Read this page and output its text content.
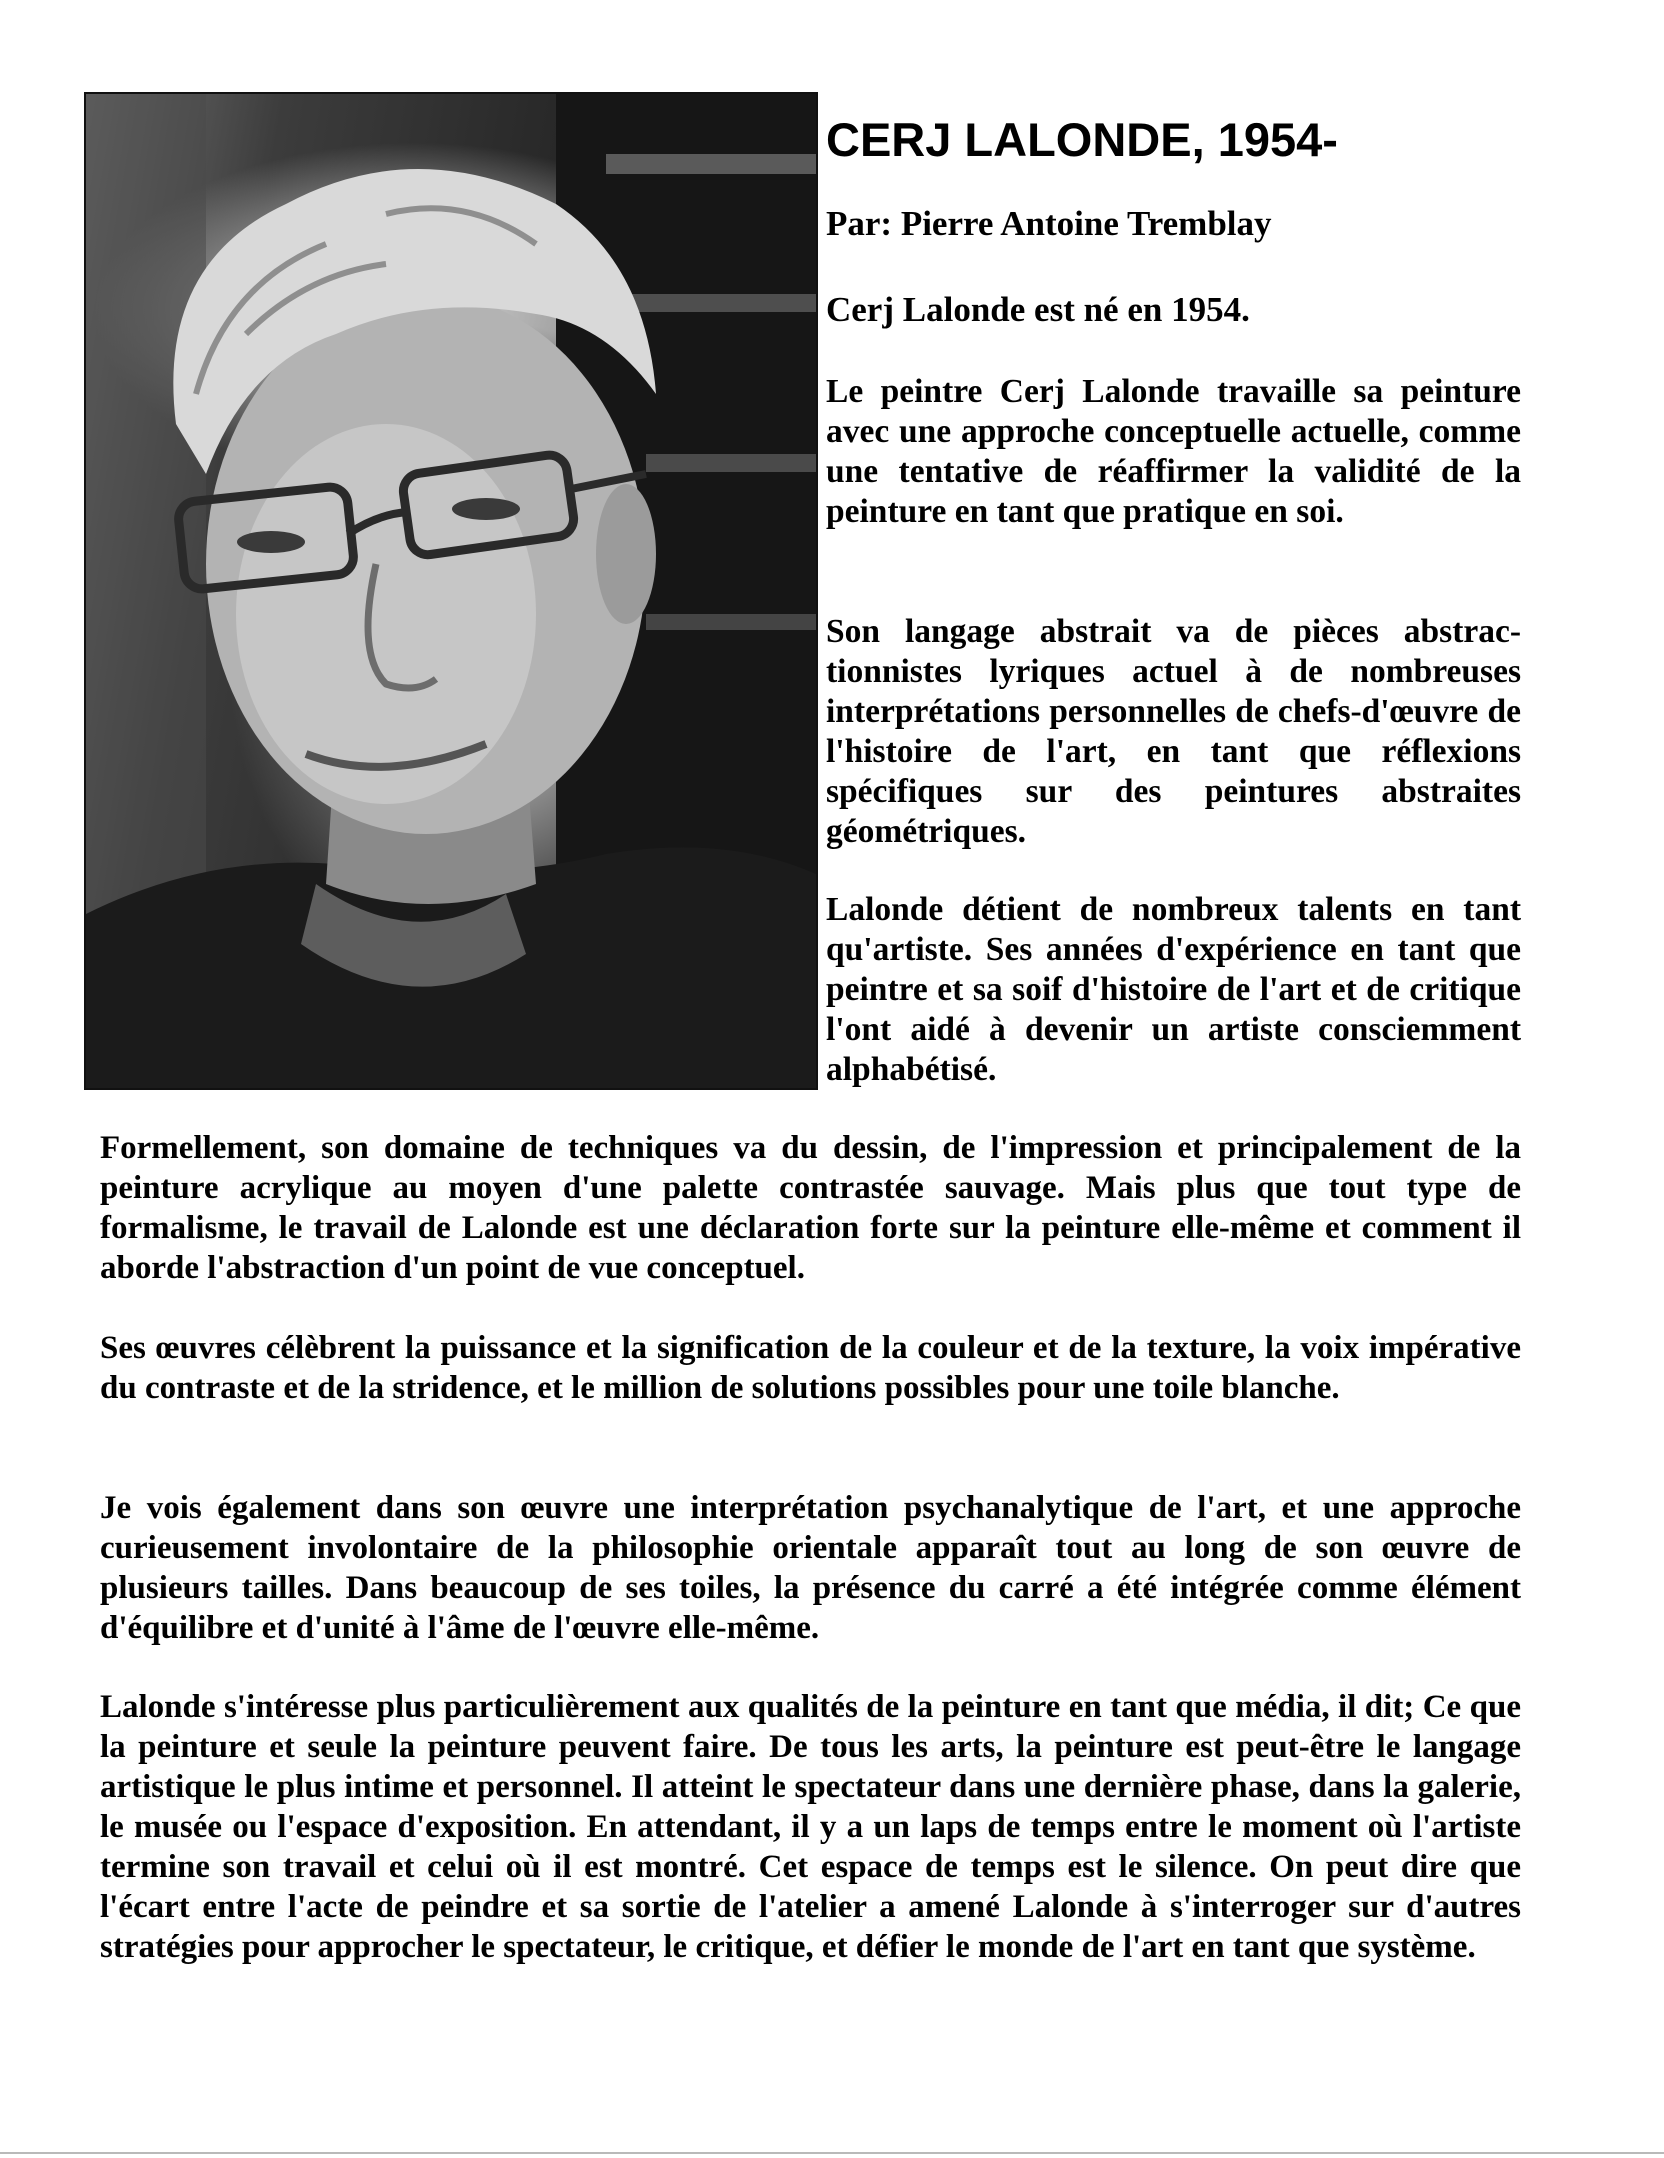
CERJ LALONDE, 1954-
Par: Pierre Antoine Tremblay
Cerj Lalonde est né en 1954.

Le peintre Cerj Lalonde travaille sa peinture avec une approche conceptuelle actuelle, comme une tentative de réaffirmer la validité de la peinture en tant que pratique en soi.

Son langage abstrait va de pièces abstractionnistes lyriques actuel à de nombreuses interprétations personnelles de chefs-d'œuvre de l'histoire de l'art, en tant que réflexions spécifiques sur des peintures abstraites géométriques.

Lalonde détient de nombreux talents en tant qu'artiste. Ses années d'expérience en tant que peintre et sa soif d'histoire de l'art et de critique l'ont aidé à devenir un artiste consciemment alphabétisé.

Formellement, son domaine de techniques va du dessin, de l'impression et principalement de la peinture acrylique au moyen d'une palette contrastée sauvage. Mais plus que tout type de formalisme, le travail de Lalonde est une déclaration forte sur la peinture elle-même et comment il aborde l'abstraction d'un point de vue conceptuel.

Ses œuvres célèbrent la puissance et la signification de la couleur et de la texture, la voix impérative du contraste et de la stridence, et le million de solutions possibles pour une toile blanche.

Je vois également dans son œuvre une interprétation psychanalytique de l'art, et une approche curieusement involontaire de la philosophie orientale apparaît tout au long de son œuvre de plusieurs tailles. Dans beaucoup de ses toiles, la présence du carré a été intégrée comme élément d'équilibre et d'unité à l'âme de l'œuvre elle-même.

Lalonde s'intéresse plus particulièrement aux qualités de la peinture en tant que média, il dit; Ce que la peinture et seule la peinture peuvent faire. De tous les arts, la peinture est peut-être le langage artistique le plus intime et personnel. Il atteint le spectateur dans une dernière phase, dans la galerie, le musée ou l'espace d'exposition. En attendant, il y a un laps de temps entre le moment où l'artiste termine son travail et celui où il est montré. Cet espace de temps est le silence. On peut dire que l'écart entre l'acte de peindre et sa sortie de l'atelier a amené Lalonde à s'interroger sur d'autres stratégies pour approcher le spectateur, le critique, et défier le monde de l'art en tant que système.
